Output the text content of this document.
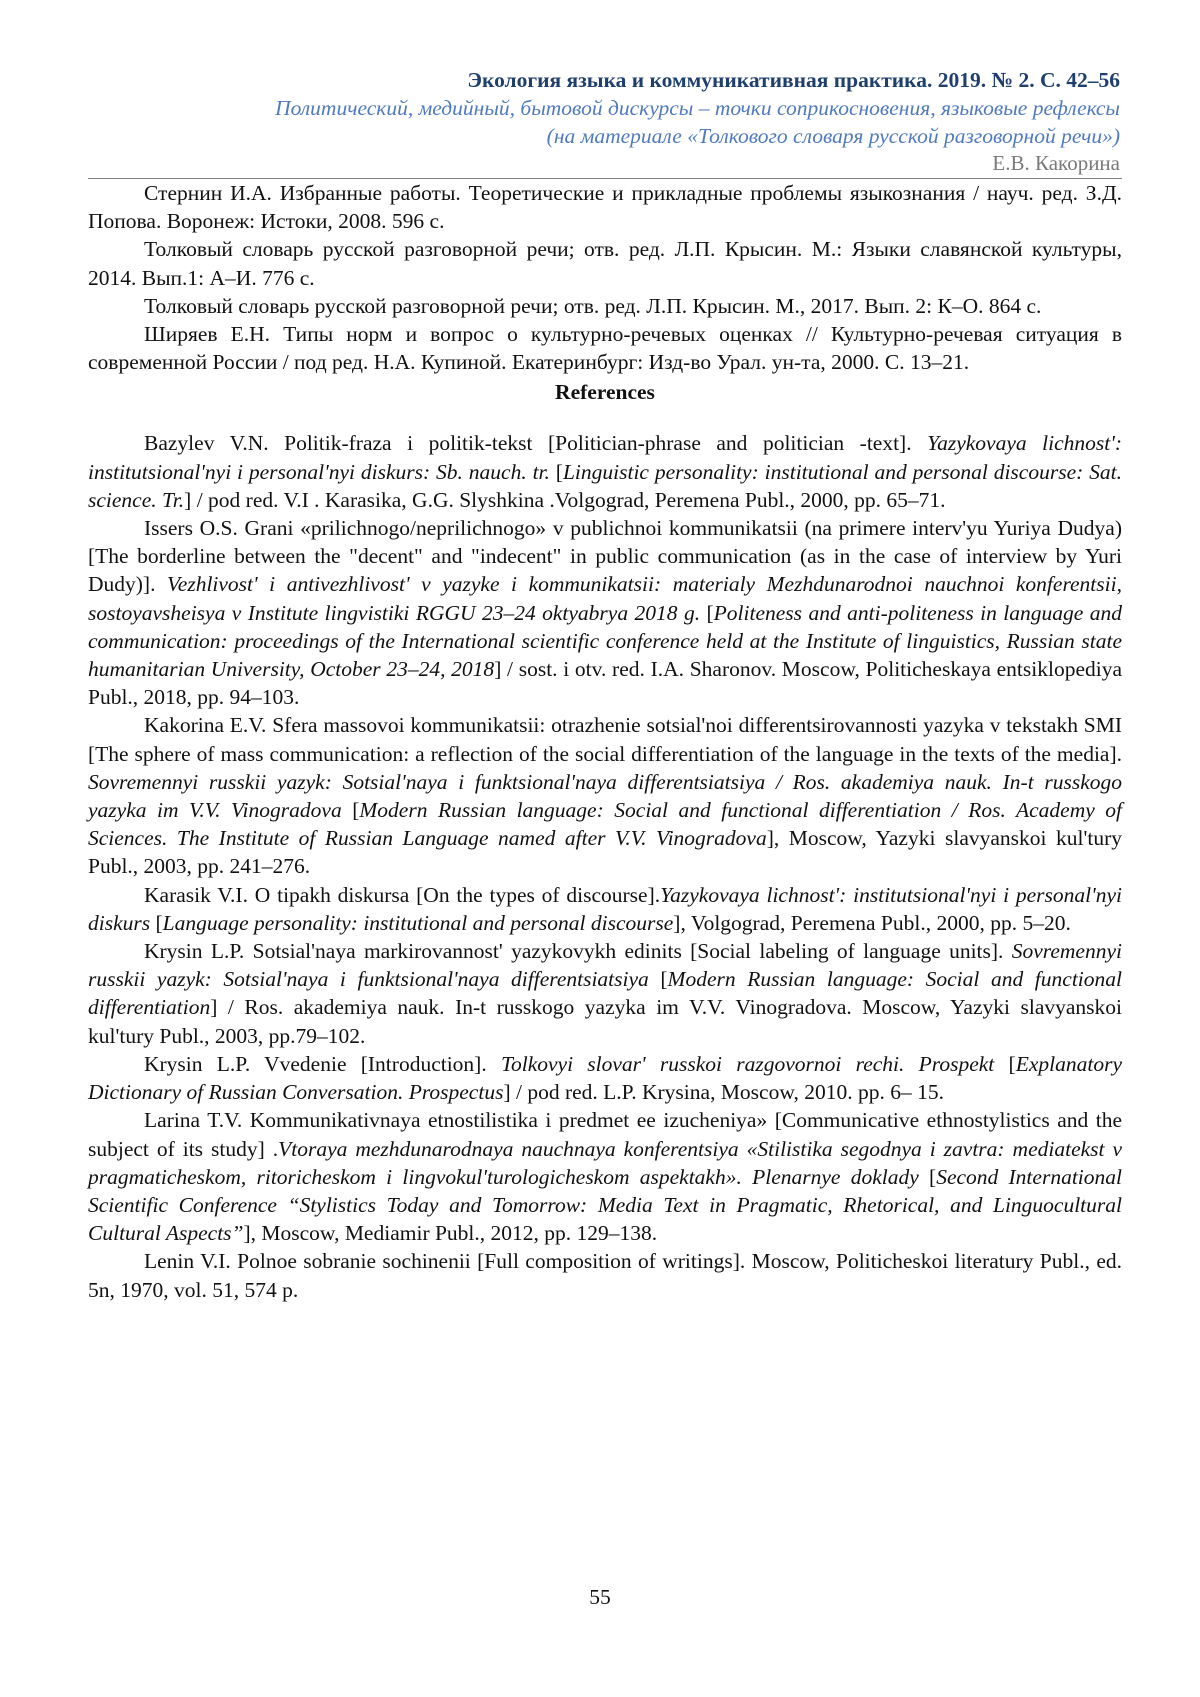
Экология языка и коммуникативная практика. 2019. № 2. С. 42–56
Политический, медийный, бытовой дискурсы – точки соприкосновения, языковые рефлексы
(на материале «Толкового словаря русской разговорной речи»)
Е.В. Какорина

Стернин И.А. Избранные работы. Теоретические и прикладные проблемы языкознания / науч. ред. З.Д. Попова. Воронеж: Истоки, 2008. 596 с.

Толковый словарь русской разговорной речи; отв. ред. Л.П. Крысин. М.: Языки славянской культуры, 2014. Вып.1: А–И. 776 с.

Толковый словарь русской разговорной речи; отв. ред. Л.П. Крысин. М., 2017. Вып. 2: К–О. 864 с.

Ширяев Е.Н. Типы норм и вопрос о культурно-речевых оценках // Культурно-речевая ситуация в современной России / под ред. Н.А. Купиной. Екатеринбург: Изд-во Урал. ун-та, 2000. С. 13–21.

References

Bazylev V.N. Politik-fraza i politik-tekst [Politician-phrase and politician -text]. Yazykovaya lichnost': institutsional'nyi i personal'nyi diskurs: Sb. nauch. tr. [Linguistic personality: institutional and personal discourse: Sat. science. Tr.] / pod red. V.I . Karasika, G.G. Slyshkina .Volgograd, Peremena Publ., 2000, pp. 65–71.

Issers O.S. Grani «prilichnogo/neprilichnogo» v publichnoi kommunikatsii (na primere interv'yu Yuriya Dudya) [The borderline between the "decent" and "indecent" in public communication (as in the case of interview by Yuri Dudy)]. Vezhlivost' i antivezhlivost' v yazyke i kommunikatsii: materialy Mezhdunarodnoi nauchnoi konferentsii, sostoyavsheisya v Institute lingvistiki RGGU 23–24 oktyabrya 2018 g. [Politeness and anti-politeness in language and communication: proceedings of the International scientific conference held at the Institute of linguistics, Russian state humanitarian University, October 23–24, 2018] / sost. i otv. red. I.A. Sharonov. Moscow, Politicheskaya entsiklopediya Publ., 2018, pp. 94–103.

Kakorina E.V. Sfera massovoi kommunikatsii: otrazhenie sotsial'noi differentsirovannosti yazyka v tekstakh SMI [The sphere of mass communication: a reflection of the social differentiation of the language in the texts of the media]. Sovremennyi russkii yazyk: Sotsial'naya i funktsional'naya differentsiatsiya / Ros. akademiya nauk. In-t russkogo yazyka im V.V. Vinogradova [Modern Russian language: Social and functional differentiation / Ros. Academy of Sciences. The Institute of Russian Language named after V.V. Vinogradova], Moscow, Yazyki slavyanskoi kul'tury Publ., 2003, pp. 241–276.

Karasik V.I. O tipakh diskursa [On the types of discourse].Yazykovaya lichnost': institutsional'nyi i personal'nyi diskurs [Language personality: institutional and personal discourse], Volgograd, Peremena Publ., 2000, pp. 5–20.

Krysin L.P. Sotsial'naya markirovannost' yazykovykh edinits [Social labeling of language units]. Sovremennyi russkii yazyk: Sotsial'naya i funktsional'naya differentsiatsiya [Modern Russian language: Social and functional differentiation] / Ros. akademiya nauk. In-t russkogo yazyka im V.V. Vinogradova. Moscow, Yazyki slavyanskoi kul'tury Publ., 2003, pp.79–102.

Krysin L.P. Vvedenie [Introduction]. Tolkovyi slovar' russkoi razgovornoi rechi. Prospekt [Explanatory Dictionary of Russian Conversation. Prospectus] / pod red. L.P. Krysina, Moscow, 2010. pp. 6– 15.

Larina T.V. Kommunikativnaya etnostilistika i predmet ee izucheniya» [Communicative ethnostylistics and the subject of its study] .Vtoraya mezhdunarodnaya nauchnaya konferentsiya «Stilistika segodnya i zavtra: mediatekst v pragmaticheskom, ritoricheskom i lingvokul'turologicheskom aspektakh». Plenarnye doklady [Second International Scientific Conference “Stylistics Today and Tomorrow: Media Text in Pragmatic, Rhetorical, and Linguocultural Cultural Aspects”], Moscow, Mediamir Publ., 2012, pp. 129–138.

Lenin V.I. Polnoe sobranie sochinenii [Full composition of writings]. Moscow, Politicheskoi literatury Publ., ed. 5n, 1970, vol. 51, 574 p.

55
